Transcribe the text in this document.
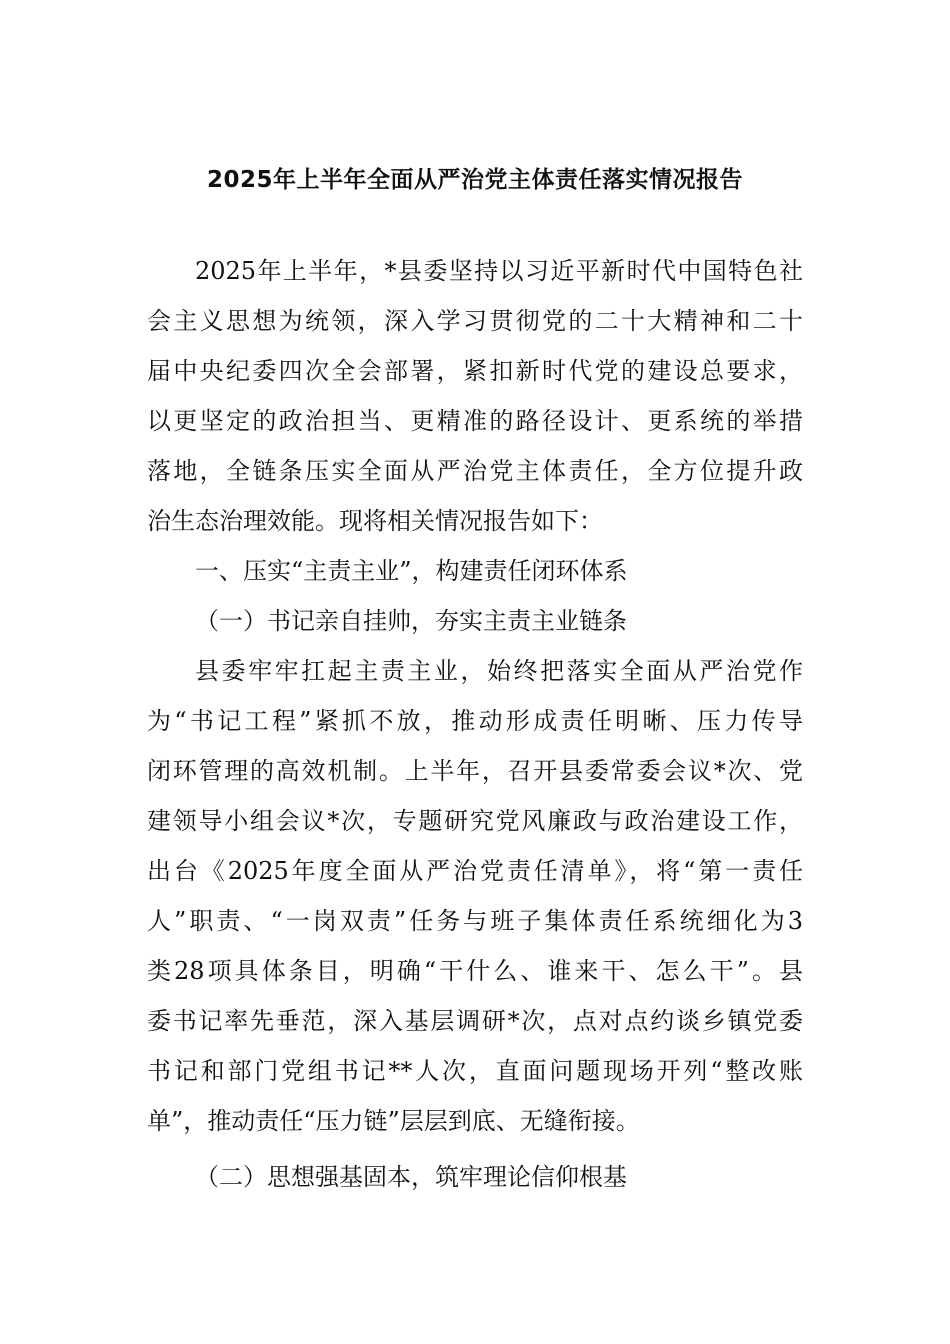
2025年上半年全面从严治党主体责任落实情况报告
2025年上半年，*县委坚持以习近平新时代中国特色社
会主义思想为统领，深入学习贯彻党的二十大精神和二十
届中央纪委四次全会部署，紧扣新时代党的建设总要求，
以更坚定的政治担当、更精准的路径设计、更系统的举措
落地，全链条压实全面从严治党主体责任，全方位提升政
治生态治理效能。现将相关情况报告如下：
一、压实“主责主业”，构建责任闭环体系
（一）书记亲自挂帅，夯实主责主业链条
县委牢牢扛起主责主业，始终把落实全面从严治党作
为“书记工程”紧抓不放，推动形成责任明晰、压力传导
闭环管理的高效机制。上半年，召开县委常委会议*次、党
建领导小组会议*次，专题研究党风廉政与政治建设工作，
出台《2025年度全面从严治党责任清单》，将“第一责任
人”职责、“一岗双责”任务与班子集体责任系统细化为3
类28项具体条目，明确“干什么、谁来干、怎么干”。县
委书记率先垂范，深入基层调研*次，点对点约谈乡镇党委
书记和部门党组书记**人次，直面问题现场开列“整改账
单”，推动责任“压力链”层层到底、无缝衔接。
（二）思想强基固本，筑牢理论信仰根基
